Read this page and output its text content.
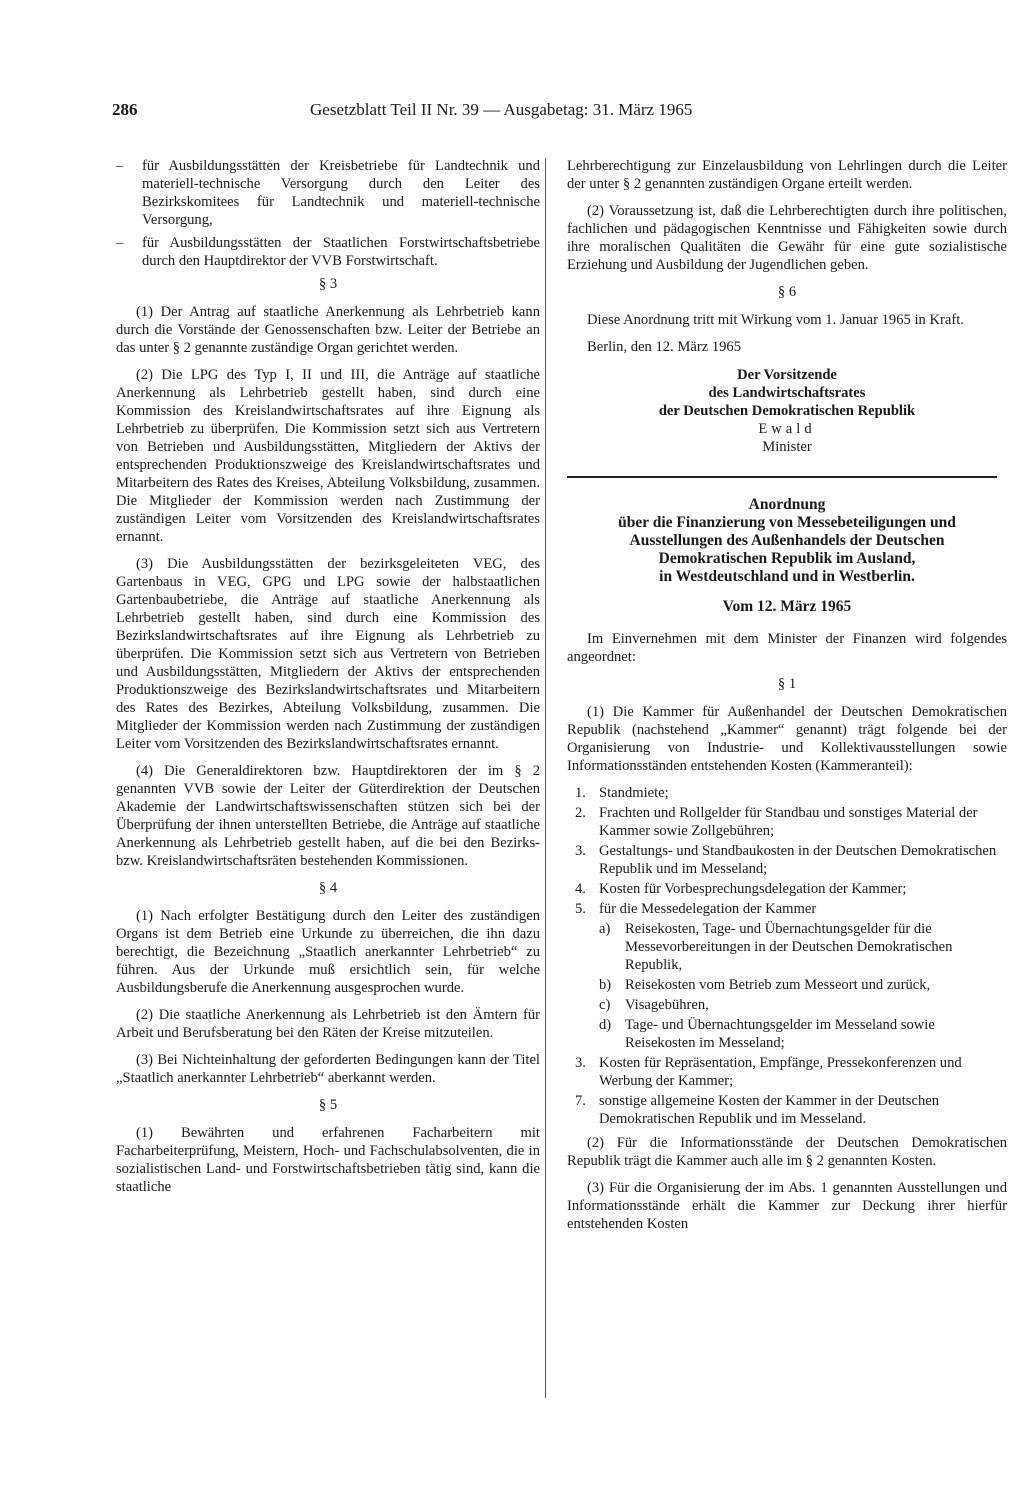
286	Gesetzblatt Teil II Nr. 39 — Ausgabetag: 31. März 1965
– für Ausbildungsstätten der Kreisbetriebe für Landtechnik und materiell-technische Versorgung durch den Leiter des Bezirkskomitees für Landtechnik und materiell-technische Versorgung,
– für Ausbildungsstätten der Staatlichen Forstwirtschaftsbetriebe durch den Hauptdirektor der VVB Forstwirtschaft.
§ 3

(1) Der Antrag auf staatliche Anerkennung als Lehrbetrieb kann durch die Vorstände der Genossenschaften bzw. Leiter der Betriebe an das unter § 2 genannte zuständige Organ gerichtet werden.

(2) Die LPG des Typ I, II und III, die Anträge auf staatliche Anerkennung als Lehrbetrieb gestellt haben, sind durch eine Kommission des Kreislandwirtschaftsrates auf ihre Eignung als Lehrbetrieb zu überprüfen. Die Kommission setzt sich aus Vertretern von Betrieben und Ausbildungsstätten, Mitgliedern der Aktivs der entsprechenden Produktionszweige des Kreislandwirtschaftsrates und Mitarbeitern des Rates des Kreises, Abteilung Volksbildung, zusammen. Die Mitglieder der Kommission werden nach Zustimmung der zuständigen Leiter vom Vorsitzenden des Kreislandwirtschaftsrates ernannt.

(3) Die Ausbildungsstätten der bezirksgeleiteten VEG, des Gartenbaus in VEG, GPG und LPG sowie der halbstaatlichen Gartenbaubetriebe, die Anträge auf staatliche Anerkennung als Lehrbetrieb gestellt haben, sind durch eine Kommission des Bezirkslandwirtschaftsrates auf ihre Eignung als Lehrbetrieb zu überprüfen. Die Kommission setzt sich aus Vertretern von Betrieben und Ausbildungsstätten, Mitgliedern der Aktivs der entsprechenden Produktionszweige des Bezirkslandwirtschaftsrates und Mitarbeitern des Rates des Bezirkes, Abteilung Volksbildung, zusammen. Die Mitglieder der Kommission werden nach Zustimmung der zuständigen Leiter vom Vorsitzenden des Bezirkslandwirtschaftsrates ernannt.

(4) Die Generaldirektoren bzw. Hauptdirektoren der im § 2 genannten VVB sowie der Leiter der Güterdirektion der Deutschen Akademie der Landwirtschaftswissenschaften stützen sich bei der Überprüfung der ihnen unterstellten Betriebe, die Anträge auf staatliche Anerkennung als Lehrbetrieb gestellt haben, auf die bei den Bezirks- bzw. Kreislandwirtschaftsräten bestehenden Kommissionen.

§ 4

(1) Nach erfolgter Bestätigung durch den Leiter des zuständigen Organs ist dem Betrieb eine Urkunde zu überreichen, die ihn dazu berechtigt, die Bezeichnung „Staatlich anerkannter Lehrbetrieb“ zu führen. Aus der Urkunde muß ersichtlich sein, für welche Ausbildungsberufe die Anerkennung ausgesprochen wurde.

(2) Die staatliche Anerkennung als Lehrbetrieb ist den Ämtern für Arbeit und Berufsberatung bei den Räten der Kreise mitzuteilen.

(3) Bei Nichteinhaltung der geforderten Bedingungen kann der Titel „Staatlich anerkannter Lehrbetrieb“ aberkannt werden.

§ 5

(1) Bewährten und erfahrenen Facharbeitern mit Facharbeiterprüfung, Meistern, Hoch- und Fachschulabsolventen, die in sozialistischen Land- und Forstwirtschaftsbetrieben tätig sind, kann die staatliche

Lehrberechtigung zur Einzelausbildung von Lehrlingen durch die Leiter der unter § 2 genannten zuständigen Organe erteilt werden.

(2) Voraussetzung ist, daß die Lehrberechtigten durch ihre politischen, fachlichen und pädagogischen Kenntnisse und Fähigkeiten sowie durch ihre moralischen Qualitäten die Gewähr für eine gute sozialistische Erziehung und Ausbildung der Jugendlichen geben.

§ 6

Diese Anordnung tritt mit Wirkung vom 1. Januar 1965 in Kraft.

Berlin, den 12. März 1965

Der Vorsitzende
des Landwirtschaftsrates
der Deutschen Demokratischen Republik
Ewald
Minister
Anordnung
über die Finanzierung von Messebeteiligungen und
Ausstellungen des Außenhandels der Deutschen
Demokratischen Republik im Ausland,
in Westdeutschland und in Westberlin.
Vom 12. März 1965

Im Einvernehmen mit dem Minister der Finanzen wird folgendes angeordnet:

§ 1

(1) Die Kammer für Außenhandel der Deutschen Demokratischen Republik (nachstehend „Kammer“ genannt) trägt folgende bei der Organisierung von Industrie- und Kollektivausstellungen sowie Informationsständen entstehenden Kosten (Kammeranteil):

1. Standmiete;
2. Frachten und Rollgelder für Standbau und sonstiges Material der Kammer sowie Zollgebühren;
3. Gestaltungs- und Standbaukosten in der Deutschen Demokratischen Republik und im Messeland;
4. Kosten für Vorbesprechungsdelegation der Kammer;
5. für die Messedelegation der Kammer
a) Reisekosten, Tage- und Übernachtungsgelder für die Messevorbereitungen in der Deutschen Demokratischen Republik,
b) Reisekosten vom Betrieb zum Messeort und zurück,
c) Visagebühren,
d) Tage- und Übernachtungsgelder im Messeland sowie Reisekosten im Messeland;
3. Kosten für Repräsentation, Empfänge, Pressekonferenzen und Werbung der Kammer;
7. sonstige allgemeine Kosten der Kammer in der Deutschen Demokratischen Republik und im Messeland.

(2) Für die Informationsstände der Deutschen Demokratischen Republik trägt die Kammer auch alle im § 2 genannten Kosten.

(3) Für die Organisierung der im Abs. 1 genannten Ausstellungen und Informationsstände erhält die Kammer zur Deckung ihrer hierfür entstehenden Kosten
